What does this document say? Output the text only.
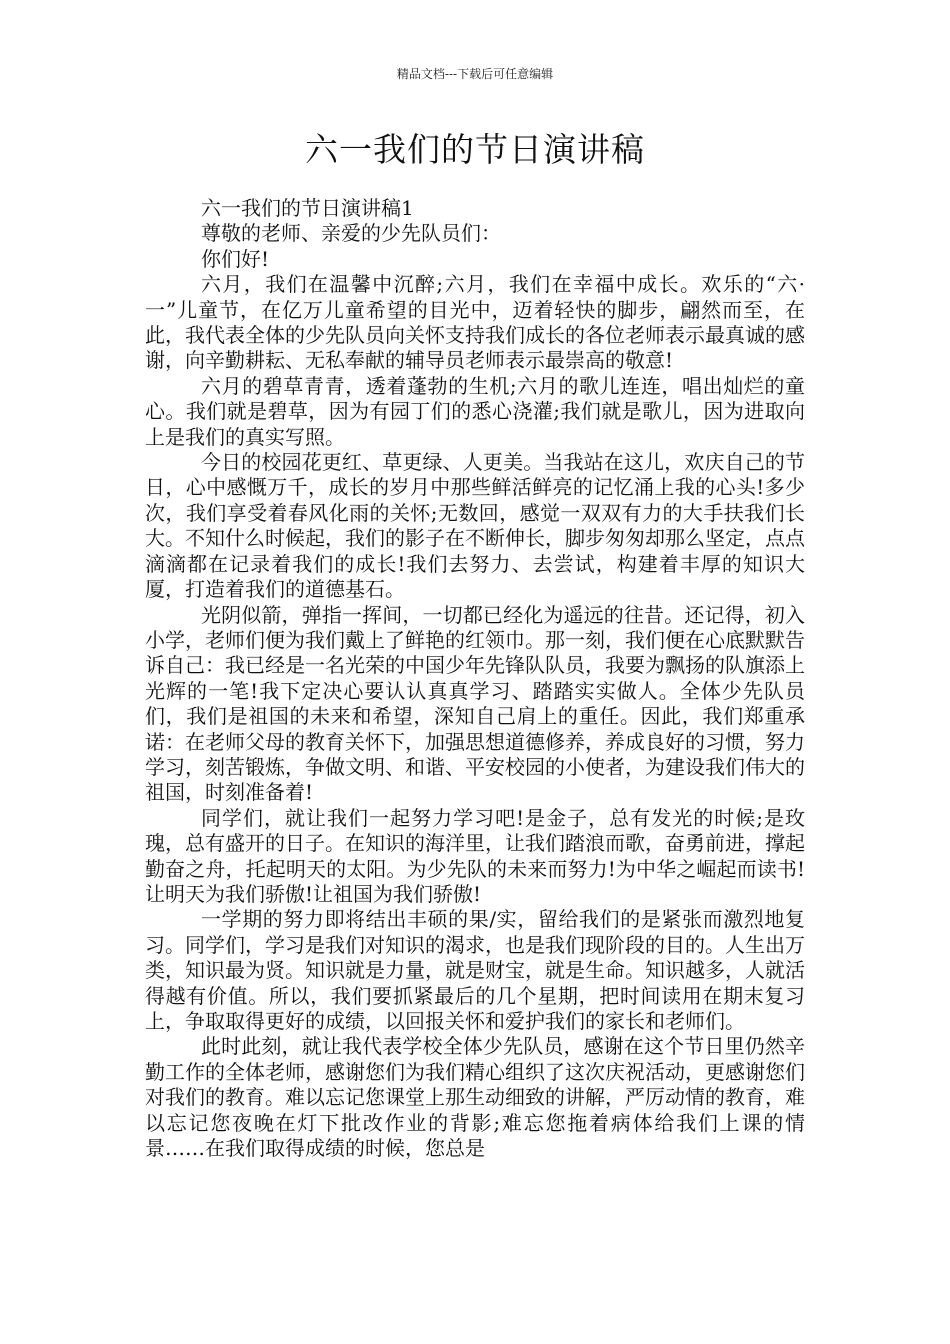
精品文档---下载后可任意编辑
六一我们的节日演讲稿

六一我们的节日演讲稿1

尊敬的老师、亲爱的少先队员们：

你们好!

六月，我们在温馨中沉醉;六月，我们在幸福中成长。欢乐的“六·一”儿童节，在亿万儿童希望的目光中，迈着轻快的脚步，翩然而至，在此，我代表全体的少先队员向关怀支持我们成长的各位老师表示最真诚的感谢，向辛勤耕耘、无私奉献的辅导员老师表示最崇高的敬意!

六月的碧草青青，透着蓬勃的生机;六月的歌儿连连，唱出灿烂的童心。我们就是碧草，因为有园丁们的悉心浇灌;我们就是歌儿，因为进取向上是我们的真实写照。

今日的校园花更红、草更绿、人更美。当我站在这儿，欢庆自己的节日，心中感慨万千，成长的岁月中那些鲜活鲜亮的记忆涌上我的心头!多少次，我们享受着春风化雨的关怀;无数回，感觉一双双有力的大手扶我们长大。不知什么时候起，我们的影子在不断伸长，脚步匆匆却那么坚定，点点滴滴都在记录着我们的成长!我们去努力、去尝试，构建着丰厚的知识大厦，打造着我们的道德基石。

光阴似箭，弹指一挥间，一切都已经化为遥远的往昔。还记得，初入小学，老师们便为我们戴上了鲜艳的红领巾。那一刻，我们便在心底默默告诉自己：我已经是一名光荣的中国少年先锋队队员，我要为飘扬的队旗添上光辉的一笔!我下定决心要认认真真学习、踏踏实实做人。全体少先队员们，我们是祖国的未来和希望，深知自己肩上的重任。因此，我们郑重承诺：在老师父母的教育关怀下，加强思想道德修养，养成良好的习惯，努力学习，刻苦锻炼，争做文明、和谐、平安校园的小使者，为建设我们伟大的祖国，时刻准备着!

同学们，就让我们一起努力学习吧!是金子，总有发光的时候;是玫瑰，总有盛开的日子。在知识的海洋里，让我们踏浪而歌，奋勇前进，撑起勤奋之舟，托起明天的太阳。为少先队的未来而努力!为中华之崛起而读书!让明天为我们骄傲!让祖国为我们骄傲!

一学期的努力即将结出丰硕的果/实，留给我们的是紧张而激烈地复习。同学们，学习是我们对知识的渴求，也是我们现阶段的目的。人生出万类，知识最为贤。知识就是力量，就是财宝，就是生命。知识越多，人就活得越有价值。所以，我们要抓紧最后的几个星期，把时间读用在期末复习上，争取取得更好的成绩，以回报关怀和爱护我们的家长和老师们。

此时此刻，就让我代表学校全体少先队员，感谢在这个节日里仍然辛勤工作的全体老师，感谢您们为我们精心组织了这次庆祝活动，更感谢您们对我们的教育。难以忘记您课堂上那生动细致的讲解，严厉动情的教育，难以忘记您夜晚在灯下批改作业的背影;难忘您拖着病体给我们上课的情景……在我们取得成绩的时候，您总是
